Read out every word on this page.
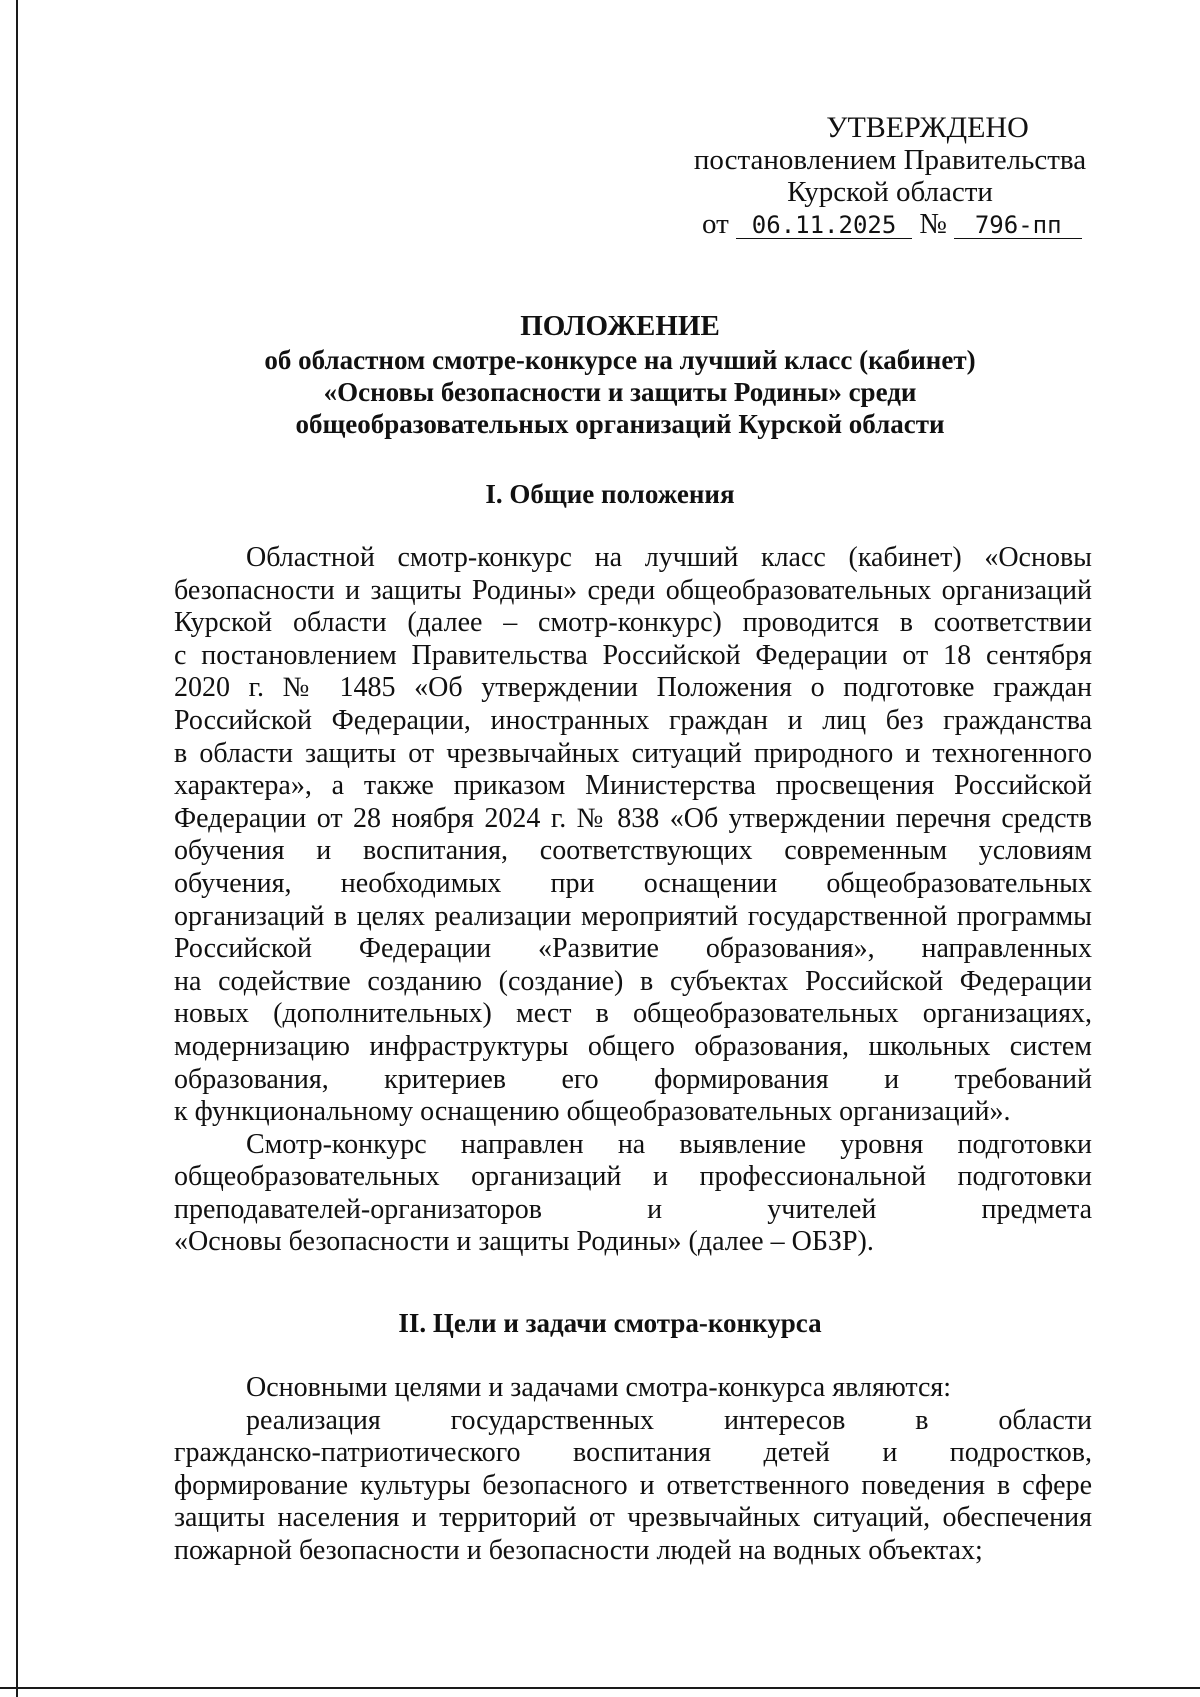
УТВЕРЖДЕНО
постановлением Правительства
Курской области
от 06.11.2025 № 796-пп
ПОЛОЖЕНИЕ
об областном смотре-конкурсе на лучший класс (кабинет)
«Основы безопасности и защиты Родины» среди
общеобразовательных организаций Курской области
I. Общие положения
Областной смотр-конкурс на лучший класс (кабинет) «Основы
безопасности и защиты Родины» среди общеобразовательных организаций
Курской области (далее – смотр-конкурс) проводится в соответствии
с постановлением Правительства Российской Федерации от 18 сентября
2020 г. № 1485 «Об утверждении Положения о подготовке граждан
Российской Федерации, иностранных граждан и лиц без гражданства
в области защиты от чрезвычайных ситуаций природного и техногенного
характера», а также приказом Министерства просвещения Российской
Федерации от 28 ноября 2024 г. № 838 «Об утверждении перечня средств
обучения и воспитания, соответствующих современным условиям
обучения, необходимых при оснащении общеобразовательных
организаций в целях реализации мероприятий государственной программы
Российской Федерации «Развитие образования», направленных
на содействие созданию (создание) в субъектах Российской Федерации
новых (дополнительных) мест в общеобразовательных организациях,
модернизацию инфраструктуры общего образования, школьных систем
образования, критериев его формирования и требований
к функциональному оснащению общеобразовательных организаций».
Смотр-конкурс направлен на выявление уровня подготовки
общеобразовательных организаций и профессиональной подготовки
преподавателей-организаторов и учителей предмета
«Основы безопасности и защиты Родины» (далее – ОБЗР).
II. Цели и задачи смотра-конкурса
Основными целями и задачами смотра-конкурса являются:
реализация государственных интересов в области
гражданско-патриотического воспитания детей и подростков,
формирование культуры безопасного и ответственного поведения в сфере
защиты населения и территорий от чрезвычайных ситуаций, обеспечения
пожарной безопасности и безопасности людей на водных объектах;
